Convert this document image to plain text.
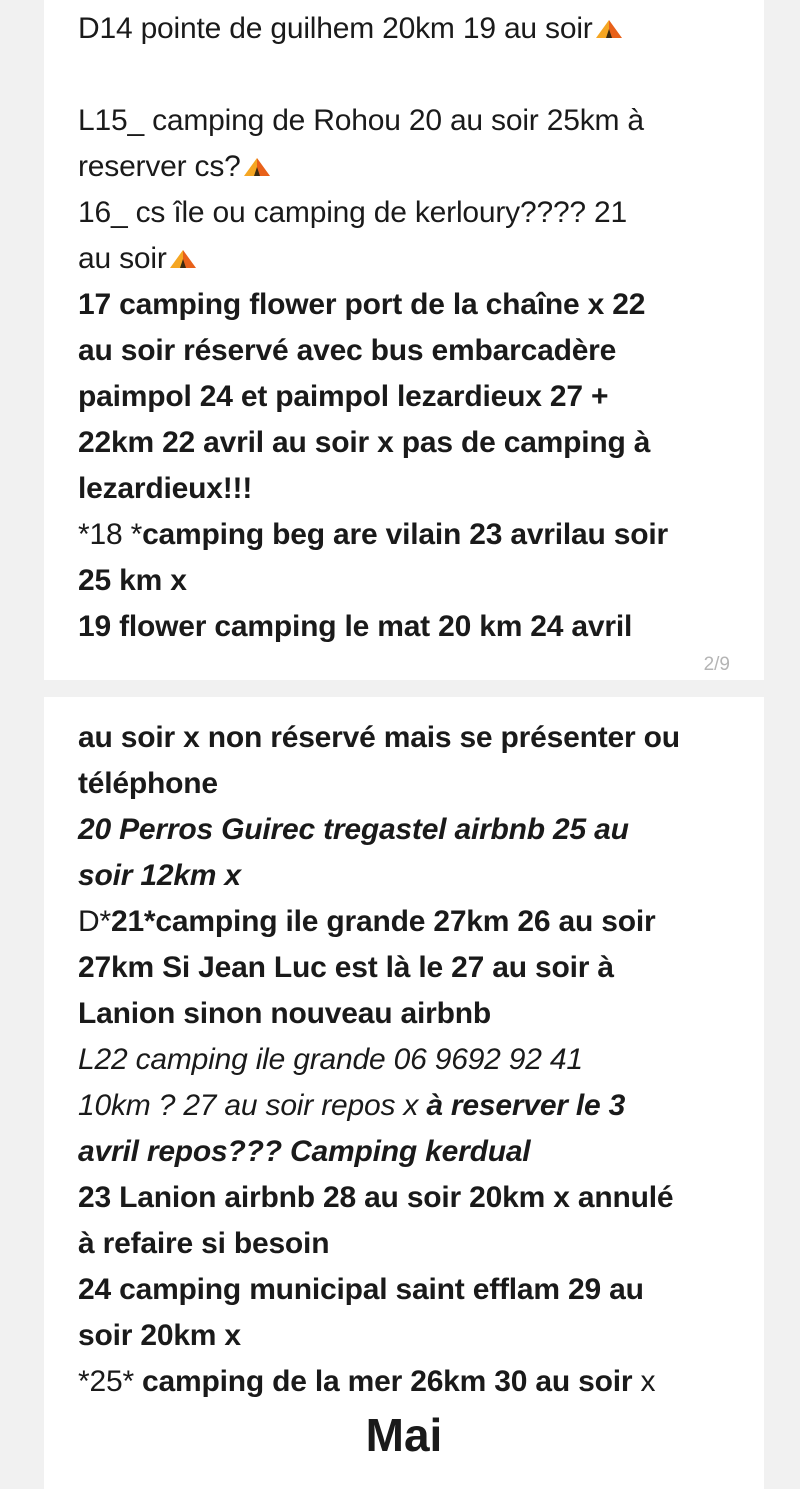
D14 pointe de guilhem 20km 19 au soir
L15_ camping de Rohou 20 au soir 25km à
reserver cs?
16_ cs île ou camping de kerloury???? 21
au soir
17 camping flower port de la chaîne x 22
au soir réservé avec bus embarcadère
paimpol 24 et paimpol lezardieux 27 +
22km 22 avril au soir x pas de camping à
lezardieux!!!
*18 *camping beg are vilain 23 avrilau soir
25 km x
19 flower camping le mat 20 km 24 avril
2/9
au soir x non réservé mais se présenter ou
téléphone
20 Perros Guirec tregastel airbnb 25 au
soir 12km x
D*21*camping ile grande 27km 26 au soir
27km Si Jean Luc est là le 27 au soir à
Lanion sinon nouveau airbnb
L22 camping ile grande 06 9692 92 41
10km ? 27 au soir repos x à reserver le 3
avril repos??? Camping kerdual
23 Lanion airbnb 28 au soir 20km x annulé
à refaire si besoin
24 camping municipal saint efflam 29 au
soir 20km x
*25* camping de la mer 26km 30 au soir x
Mai
